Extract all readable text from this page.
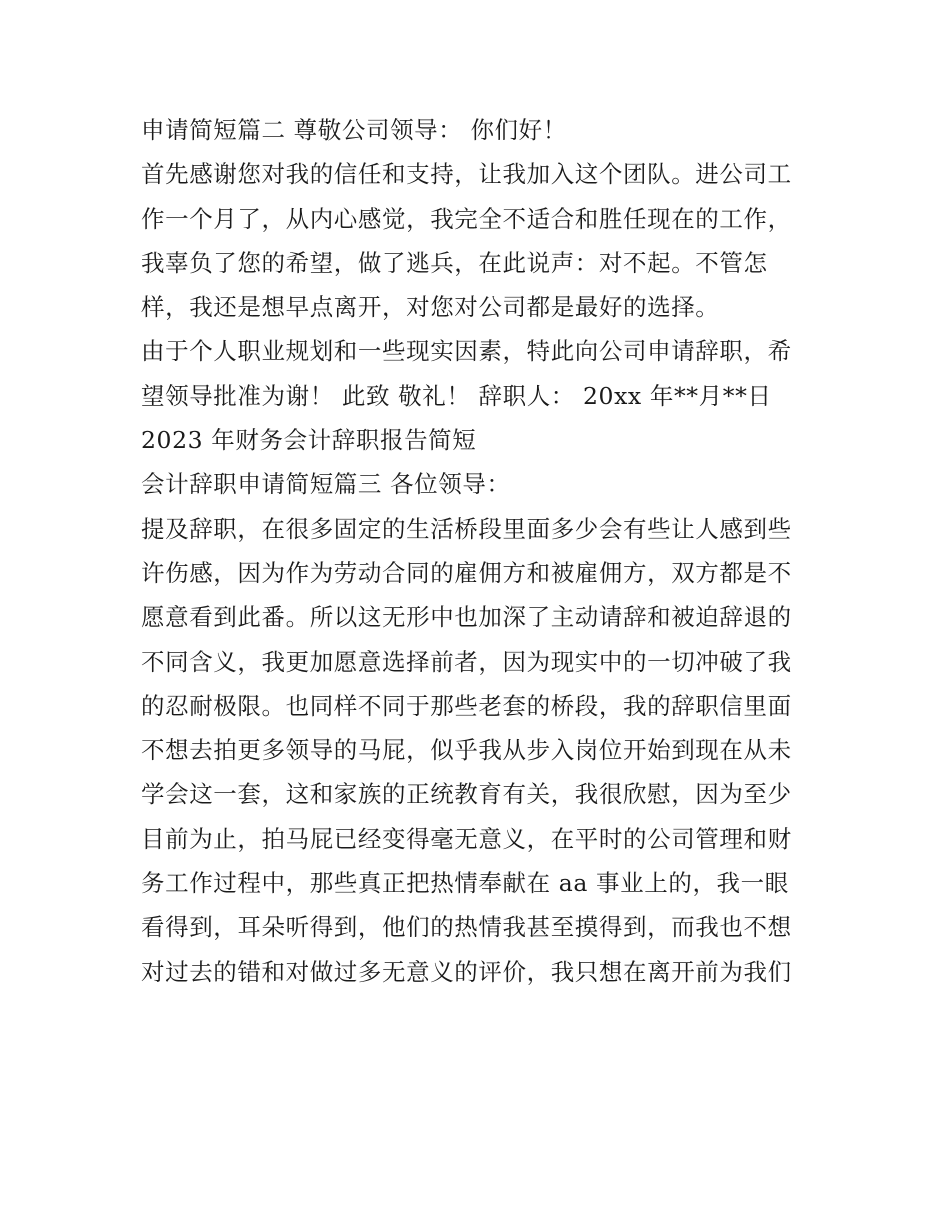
申请简短篇二 尊敬公司领导： 你们好！
首先感谢您对我的信任和支持，让我加入这个团队。进公司工
作一个月了，从内心感觉，我完全不适合和胜任现在的工作，
我辜负了您的希望，做了逃兵，在此说声：对不起。不管怎
样，我还是想早点离开，对您对公司都是最好的选择。
由于个人职业规划和一些现实因素，特此向公司申请辞职，希
望领导批准为谢！ 此致 敬礼！ 辞职人： 20xx 年**月**日
2023 年财务会计辞职报告简短
会计辞职申请简短篇三 各位领导：
提及辞职，在很多固定的生活桥段里面多少会有些让人感到些
许伤感，因为作为劳动合同的雇佣方和被雇佣方，双方都是不
愿意看到此番。所以这无形中也加深了主动请辞和被迫辞退的
不同含义，我更加愿意选择前者，因为现实中的一切冲破了我
的忍耐极限。也同样不同于那些老套的桥段，我的辞职信里面
不想去拍更多领导的马屁，似乎我从步入岗位开始到现在从未
学会这一套，这和家族的正统教育有关，我很欣慰，因为至少
目前为止，拍马屁已经变得毫无意义，在平时的公司管理和财
务工作过程中，那些真正把热情奉献在 aa 事业上的，我一眼
看得到，耳朵听得到，他们的热情我甚至摸得到，而我也不想
对过去的错和对做过多无意义的评价，我只想在离开前为我们
